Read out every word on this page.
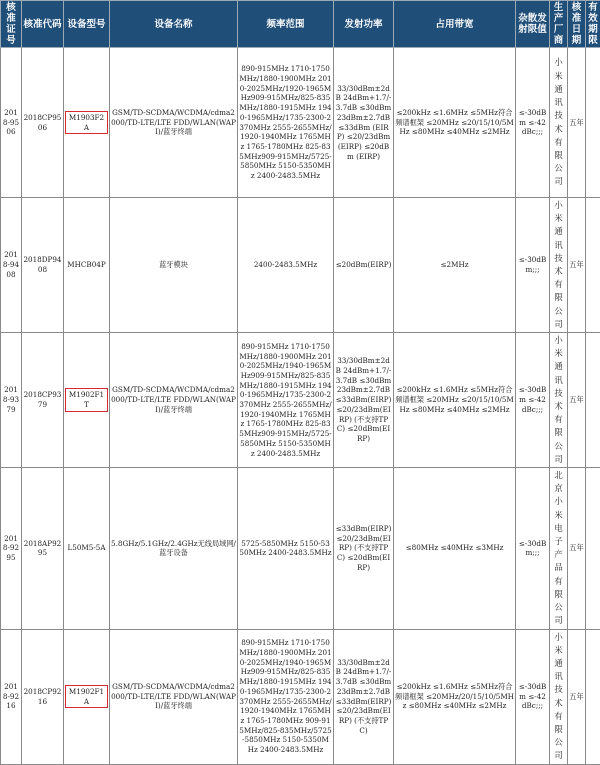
核准证号	核准代码	设备型号	设备名称	频率范围	发射功率	占用带宽	杂散发射限值	生产厂商	核准日期	有效期限
2018-9506	2018CP9506	M1903F2A	GSM/TD-SCDMA/WCDMA/cdma2000/TD-LTE/LTE FDD/WLAN(WAPI)/蓝牙终端	890-915MHz 1710-1750MHz/1880-1900MHz 2010-2025MHz/1920-1965MHz909-915MHz/825-835MHz/1880-1915MHz 1940-1965MHz/1735-2300-2370MHz 2555-2655MHz/1920-1940MHz 1765MHz 1765-1780MHz 825-835MHz909-915MHz/5725-5850MHz 5150-5350MHz 2400-2483.5MHz	33/30dBm±2dB 24dBm+1.7/-3.7dB ≤30dBm 23dBm±2.7dB ≤33dBm (EIRP) ≤20/23dBm (EIRP) ≤20dBm (EIRP)	≤200kHz ≤1.6MHz ≤5MHz符合频谱框架 ≤20MHz ≤20/15/10/5MHz ≤80MHz ≤40MHz ≤2MHz	≤-30dBm ≤-42dBc;;;	小米通讯技术有限公司	五年	
2018-9408	2018DP9408	MHCB04P	蓝牙模块	2400-2483.5MHz	≤20dBm(EIRP)	≤2MHz	≤-30dBm;;;	小米通讯技术有限公司	五年	
2018-9379	2018CP9379	M1902F1T	GSM/TD-SCDMA/WCDMA/cdma2000/TD-LTE/LTE FDD/WLAN(WAPI)/蓝牙终端	890-915MHz 1710-1750MHz/1880-1900MHz 2010-2025MHz/1940-1965MHz909-915MHz/825-835MHz/1880-1915MHz 1940-1965MHz/1735-2300-2370MHz 2555-2655MHz/1920-1940MHz 1765MHz 1765-1780MHz 825-835MHz909-915MHz/5725-5850MHz 5150-5350MHz 2400-2483.5MHz	33/30dBm±2dB 24dBm+1.7/-3.7dB ≤30dBm 23dBm±2.7dB ≤33dBm(EIRP) ≤20/23dBm(EIRP) (不支持TPC) ≤20dBm(EIRP)	≤200kHz ≤1.6MHz ≤5MHz符合频谱框架 ≤20MHz ≤20/15/10/5MHz ≤80MHz ≤40MHz ≤2MHz	≤-30dBm ≤-42dBc;;;	小米通讯技术有限公司	五年	
2018-9295	2018AP9295	L50M5-5A	5.8GHz/5.1GHz/2.4GHz无线局域网/蓝牙设备	5725-5850MHz 5150-5350MHz 2400-2483.5MHz	≤33dBm(EIRP) ≤20/23dBm(EIRP) (不支持TPC) ≤20dBm(EIRP)	≤80MHz ≤40MHz ≤3MHz	≤-30dBm;;;	北京小米电子产品有限公司	五年	
2018-9216	2018CP9216	M1902F1A	GSM/TD-SCDMA/WCDMA/cdma2000/TD-LTE/LTE FDD/WLAN(WAPI)/蓝牙终端	890-915MHz 1710-1750MHz/1880-1900MHz 2010-2025MHz/1940-1965MHz909-915MHz/825-835MHz/1880-1915MHz 1940-1965MHz/1735-2300-2370MHz 2555-2655MHz/1920-1940MHz 1765MHz 1765-1780MHz 909-915MHz/825-835MHz/5725-5850MHz 5150-5350MHz 2400-2483.5MHz	33/30dBm±2dB 24dBm+1.7/-3.7dB ≤30dBm 23dBm±2.7dB ≤33dBm(EIRP) ≤20/23dBm(EIRP) (不支持TPC)	≤200kHz ≤1.6MHz ≤5MHz符合频谱框架 ≤20MHz/20/15/10/5MHz ≤80MHz ≤40MHz ≤2MHz	≤-30dBm ≤-42dBc;;;	小米通讯技术有限公司	五年	
